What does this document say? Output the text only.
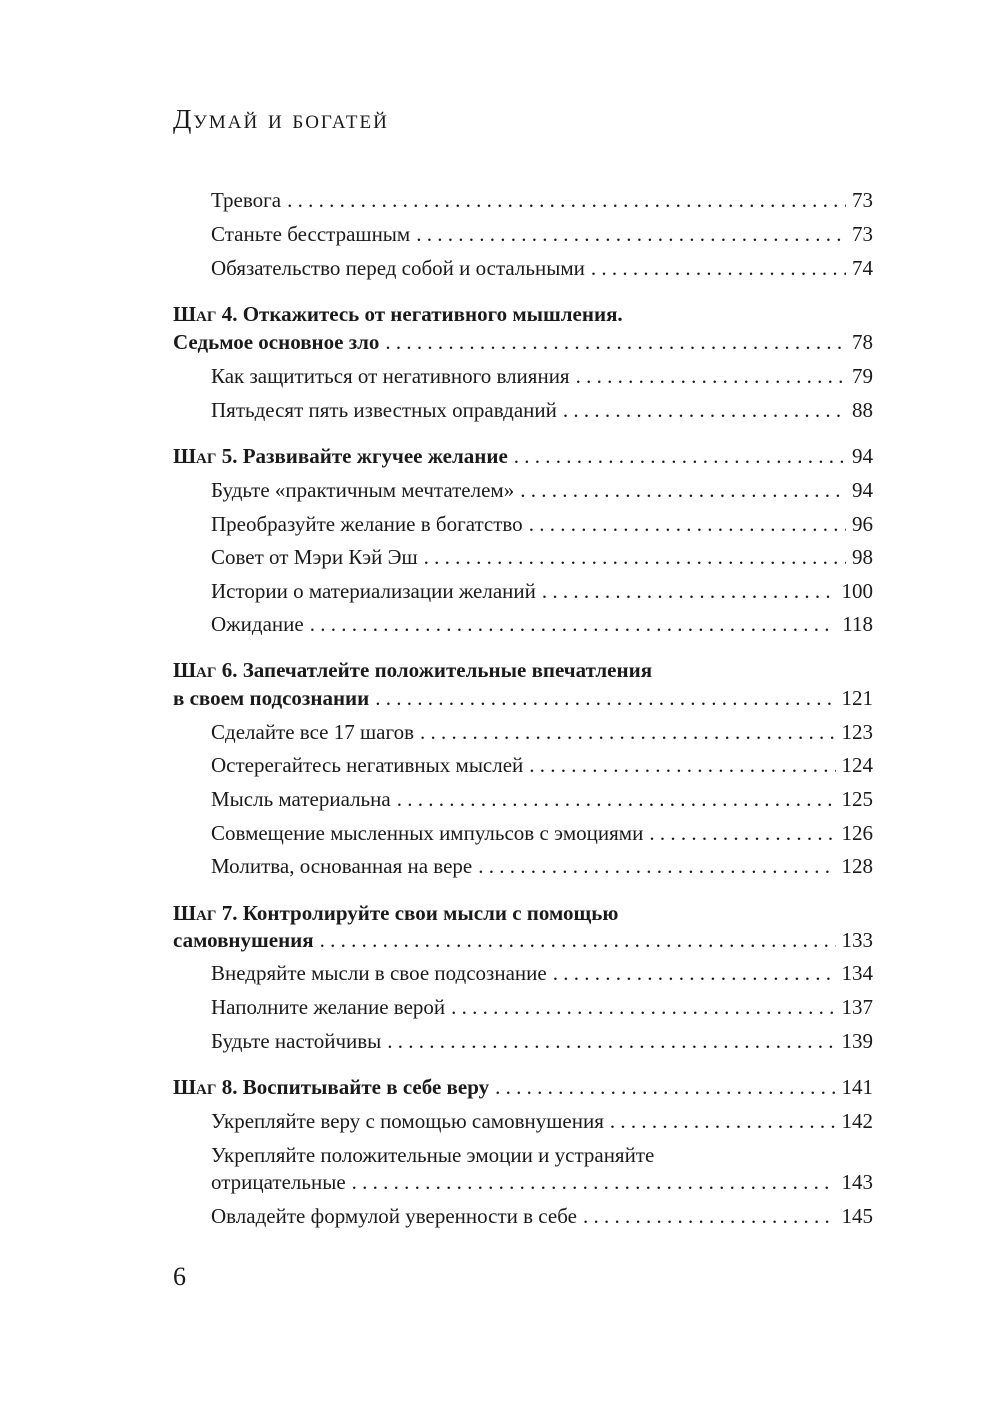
Думай и богатей
Тревога . . .	73
Станьте бесстрашным . . .	73
Обязательство перед собой и остальными . . .	74
Шаг 4. Откажитесь от негативного мышления.
Седьмое основное зло . . .	78
Как защититься от негативного влияния . . .	79
Пятьдесят пять известных оправданий . . .	88
Шаг 5. Развивайте жгучее желание . . .	94
Будьте «практичным мечтателем» . . .	94
Преобразуйте желание в богатство . . .	96
Совет от Мэри Кэй Эш . . .	98
Истории о материализации желаний . . .	100
Ожидание . . .	118
Шаг 6. Запечатлейте положительные впечатления
в своем подсознании . . .	121
Сделайте все 17 шагов . . .	123
Остерегайтесь негативных мыслей . . .	124
Мысль материальна . . .	125
Совмещение мысленных импульсов с эмоциями . . .	126
Молитва, основанная на вере . . .	128
Шаг 7. Контролируйте свои мысли с помощью
самовнушения . . .	133
Внедряйте мысли в свое подсознание . . .	134
Наполните желание верой . . .	137
Будьте настойчивы . . .	139
Шаг 8. Воспитывайте в себе веру . . .	141
Укрепляйте веру с помощью самовнушения . . .	142
Укрепляйте положительные эмоции и устраняйте
отрицательные . . .	143
Овладейте формулой уверенности в себе . . .	145
6
